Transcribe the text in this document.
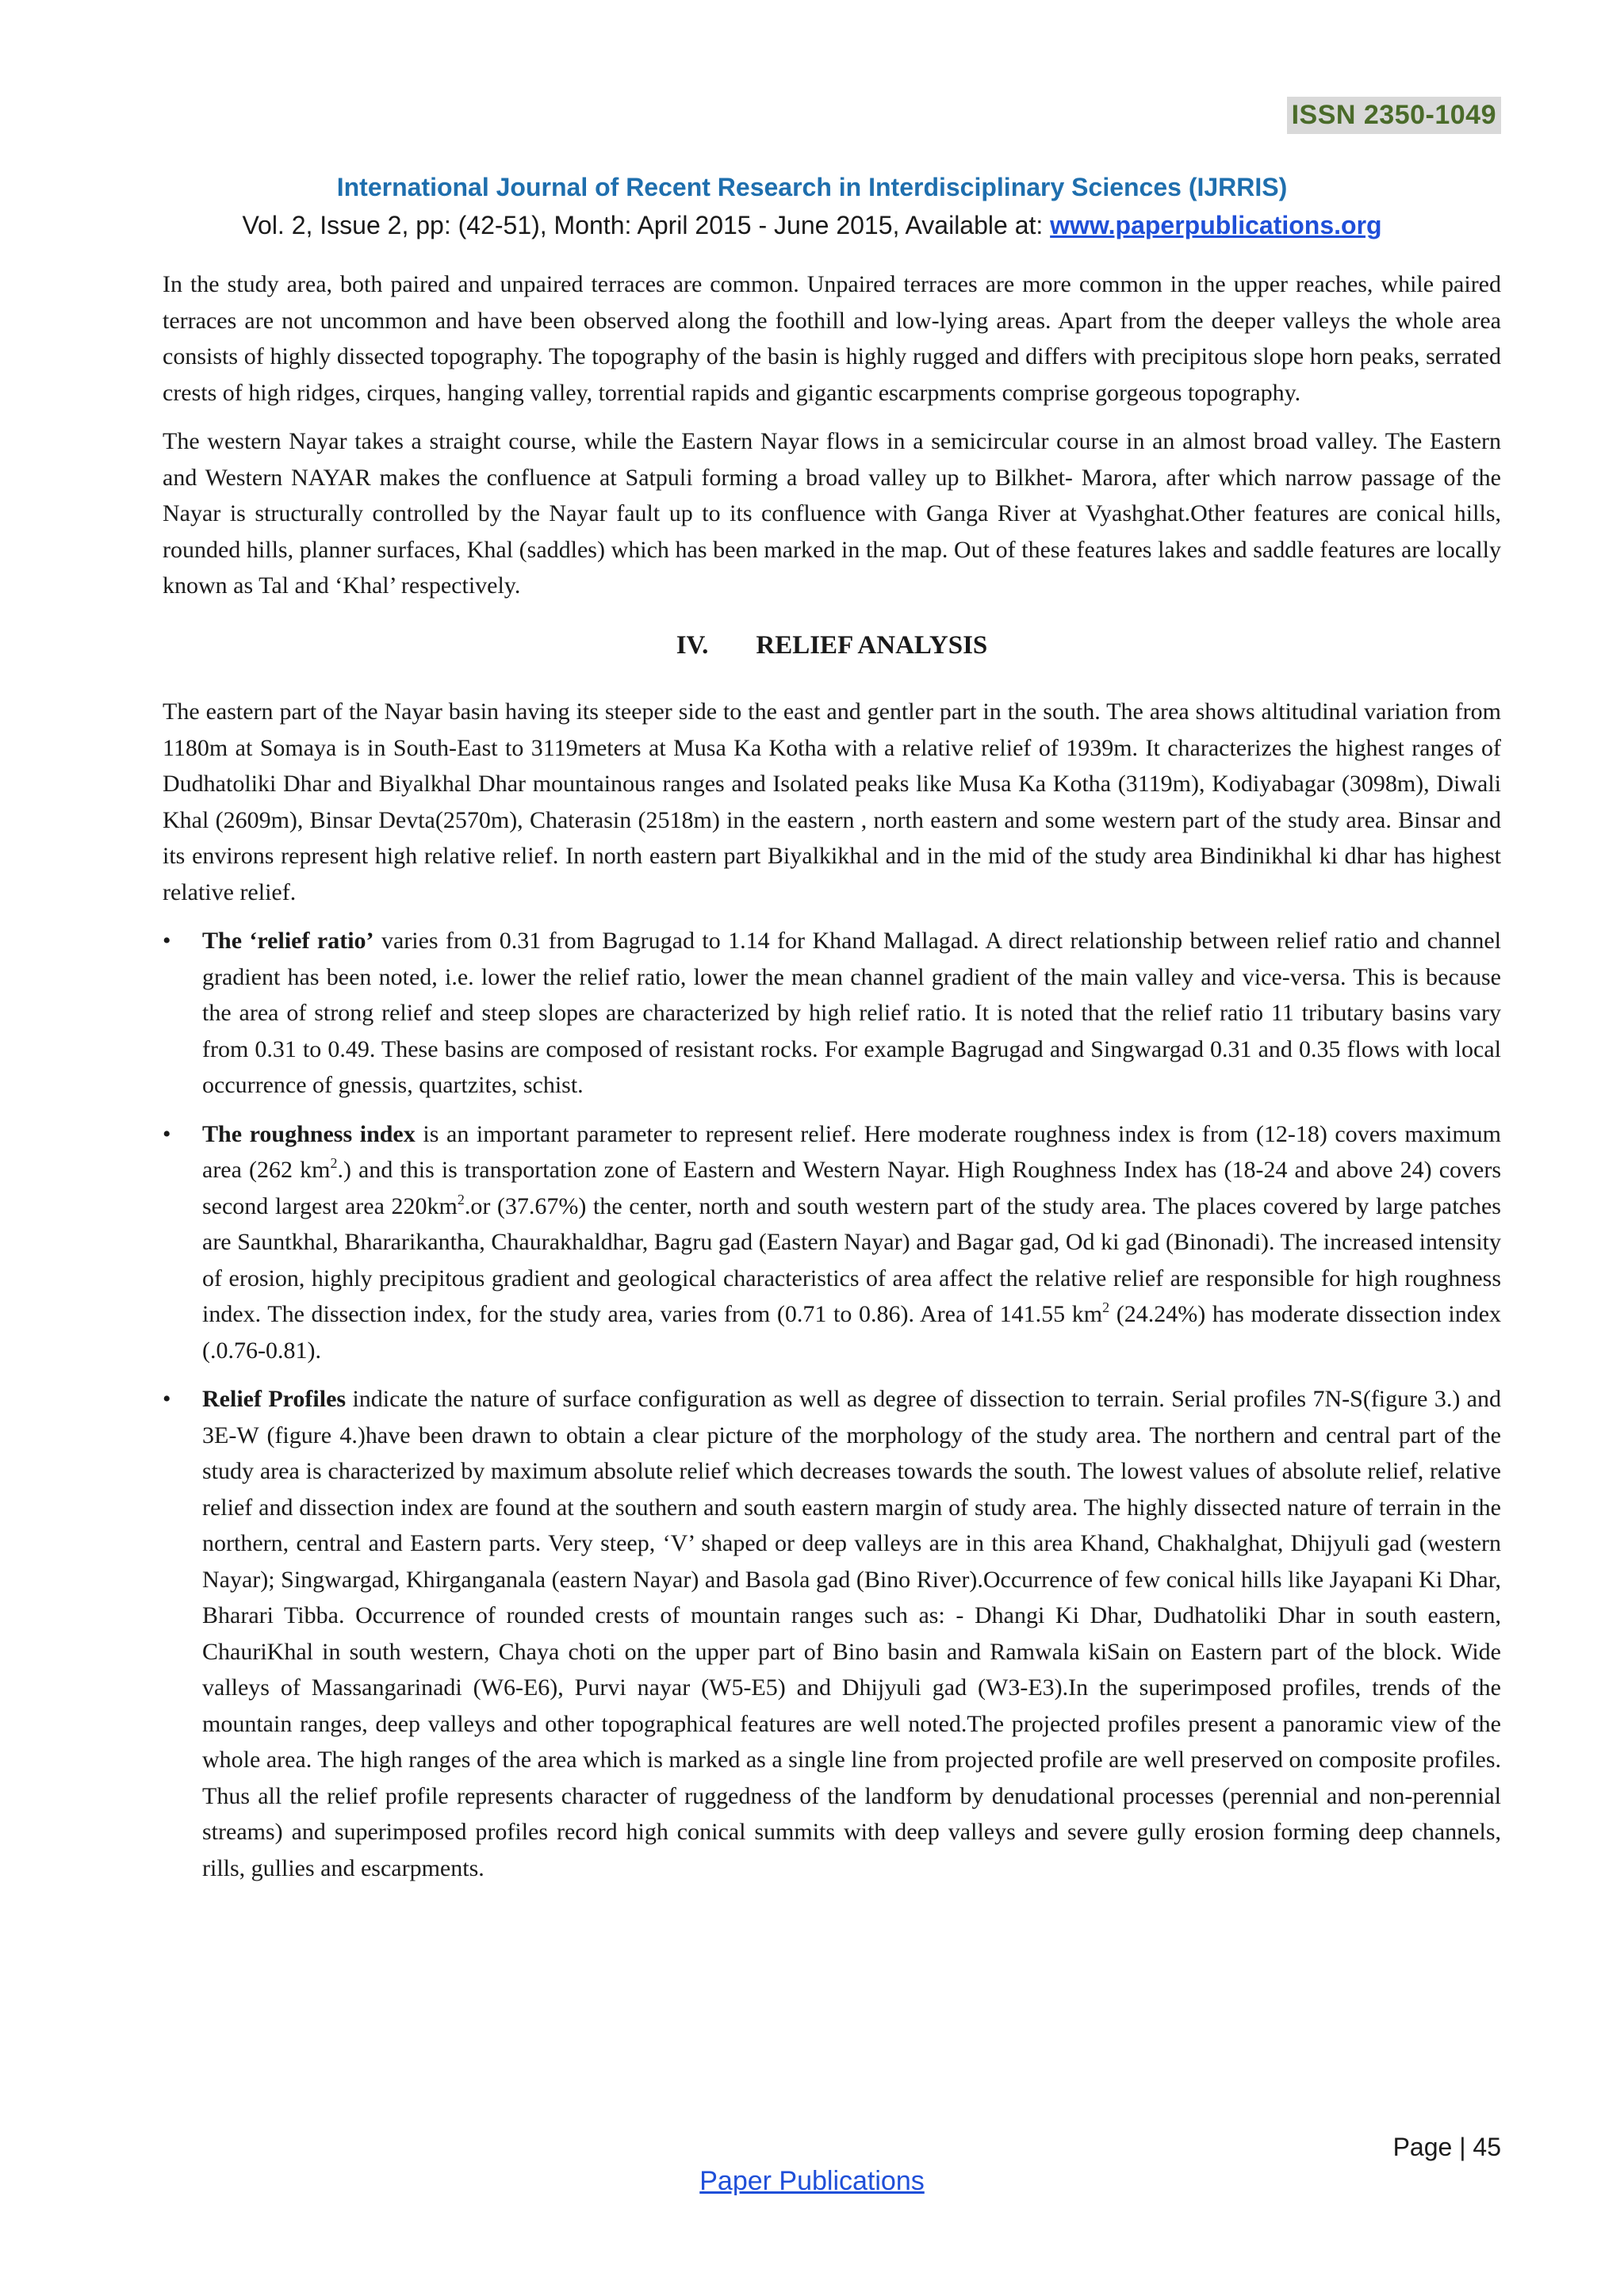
ISSN 2350-1049
International Journal of Recent Research in Interdisciplinary Sciences (IJRRIS)
Vol. 2, Issue 2, pp: (42-51), Month: April 2015 - June 2015, Available at: www.paperpublications.org

In the study area, both paired and unpaired terraces are common. Unpaired terraces are more common in the upper reaches, while paired terraces are not uncommon and have been observed along the foothill and low-lying areas. Apart from the deeper valleys the whole area consists of highly dissected topography. The topography of the basin is highly rugged and differs with precipitous slope horn peaks, serrated crests of high ridges, cirques, hanging valley, torrential rapids and gigantic escarpments comprise gorgeous topography.

The western Nayar takes a straight course, while the Eastern Nayar flows in a semicircular course in an almost broad valley. The Eastern and Western NAYAR makes the confluence at Satpuli forming a broad valley up to Bilkhet- Marora, after which narrow passage of the Nayar is structurally controlled by the Nayar fault up to its confluence with Ganga River at Vyashghat.Other features are conical hills, rounded hills, planner surfaces, Khal (saddles) which has been marked in the map. Out of these features lakes and saddle features are locally known as Tal and ‘Khal’ respectively.

IV. RELIEF ANALYSIS

The eastern part of the Nayar basin having its steeper side to the east and gentler part in the south. The area shows altitudinal variation from 1180m at Somaya is in South-East to 3119meters at Musa Ka Kotha with a relative relief of 1939m. It characterizes the highest ranges of Dudhatoliki Dhar and Biyalkhal Dhar mountainous ranges and Isolated peaks like Musa Ka Kotha (3119m), Kodiyabagar (3098m), Diwali Khal (2609m), Binsar Devta(2570m), Chaterasin (2518m) in the eastern , north eastern and some western part of the study area. Binsar and its environs represent high relative relief. In north eastern part Biyalkikhal and in the mid of the study area Bindinikhal ki dhar has highest relative relief.

• The ‘relief ratio’ varies from 0.31 from Bagrugad to 1.14 for Khand Mallagad. A direct relationship between relief ratio and channel gradient has been noted, i.e. lower the relief ratio, lower the mean channel gradient of the main valley and vice-versa. This is because the area of strong relief and steep slopes are characterized by high relief ratio. It is noted that the relief ratio 11 tributary basins vary from 0.31 to 0.49. These basins are composed of resistant rocks. For example Bagrugad and Singwargad 0.31 and 0.35 flows with local occurrence of gnessis, quartzites, schist.
• The roughness index is an important parameter to represent relief. Here moderate roughness index is from (12-18) covers maximum area (262 $km^2$.) and this is transportation zone of Eastern and Western Nayar. High Roughness Index has (18-24 and above 24) covers second largest area $220km^2.or$ (37.67%) the center, north and south western part of the study area. The places covered by large patches are Sauntkhal, Bhararikantha, Chaurakhaldhar, Bagru gad (Eastern Nayar) and Bagar gad, Od ki gad (Binonadi). The increased intensity of erosion, highly precipitous gradient and geological characteristics of area affect the relative relief are responsible for high roughness index. The dissection index, for the study area, varies from (0.71 to 0.86). Area of 141.55 $km^2$ (24.24%) has moderate dissection index (.0.76-0.81).
• Relief Profiles indicate the nature of surface configuration as well as degree of dissection to terrain. Serial profiles 7N-S(figure 3.) and 3E-W (figure 4.)have been drawn to obtain a clear picture of the morphology of the study area. The northern and central part of the study area is characterized by maximum absolute relief which decreases towards the south. The lowest values of absolute relief, relative relief and dissection index are found at the southern and south eastern margin of study area. The highly dissected nature of terrain in the northern, central and Eastern parts. Very steep, ‘V’ shaped or deep valleys are in this area Khand, Chakhalghat, Dhijyuli gad (western Nayar); Singwargad, Khirganganala (eastern Nayar) and Basola gad (Bino River).Occurrence of few conical hills like Jayapani Ki Dhar, Bharari Tibba. Occurrence of rounded crests of mountain ranges such as: - Dhangi Ki Dhar, Dudhatoliki Dhar in south eastern, ChauriKhal in south western, Chaya choti on the upper part of Bino basin and Ramwala kiSain on Eastern part of the block. Wide valleys of Massangarinadi (W6-E6), Purvi nayar (W5-E5) and Dhijyuli gad (W3-E3).In the superimposed profiles, trends of the mountain ranges, deep valleys and other topographical features are well noted.The projected profiles present a panoramic view of the whole area. The high ranges of the area which is marked as a single line from projected profile are well preserved on composite profiles. Thus all the relief profile represents character of ruggedness of the landform by denudational processes (perennial and non-perennial streams) and superimposed profiles record high conical summits with deep valleys and severe gully erosion forming deep channels, rills, gullies and escarpments.
Page | 45
Paper Publications
